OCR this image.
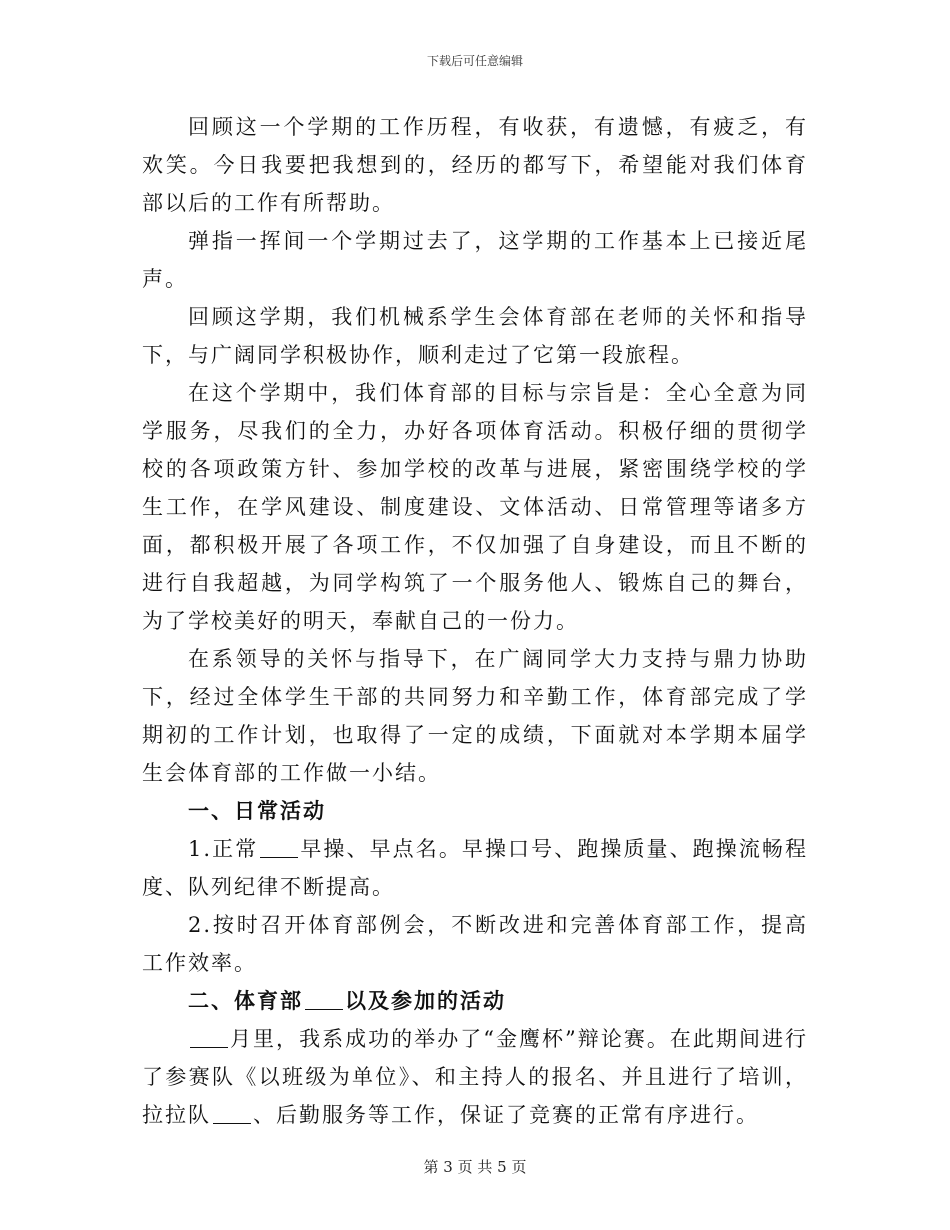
下载后可任意编辑

回顾这一个学期的工作历程，有收获，有遗憾，有疲乏，有欢笑。今日我要把我想到的，经历的都写下，希望能对我们体育部以后的工作有所帮助。

弹指一挥间一个学期过去了，这学期的工作基本上已接近尾声。

回顾这学期，我们机械系学生会体育部在老师的关怀和指导下，与广阔同学积极协作，顺利走过了它第一段旅程。

在这个学期中，我们体育部的目标与宗旨是：全心全意为同学服务，尽我们的全力，办好各项体育活动。积极仔细的贯彻学校的各项政策方针、参加学校的改革与进展，紧密围绕学校的学生工作，在学风建设、制度建设、文体活动、日常管理等诸多方面，都积极开展了各项工作，不仅加强了自身建设，而且不断的进行自我超越，为同学构筑了一个服务他人、锻炼自己的舞台，为了学校美好的明天，奉献自己的一份力。

在系领导的关怀与指导下，在广阔同学大力支持与鼎力协助下，经过全体学生干部的共同努力和辛勤工作，体育部完成了学期初的工作计划，也取得了一定的成绩，下面就对本学期本届学生会体育部的工作做一小结。

一、日常活动

1.正常 早操、早点名。早操口号、跑操质量、跑操流畅程度、队列纪律不断提高。

2.按时召开体育部例会，不断改进和完善体育部工作，提高工作效率。

二、体育部 以及参加的活动

月里，我系成功的举办了“金鹰杯”辩论赛。在此期间进行了参赛队《以班级为单位》、和主持人的报名、并且进行了培训，拉拉队 、后勤服务等工作，保证了竞赛的正常有序进行。

第 3 页 共 5 页
